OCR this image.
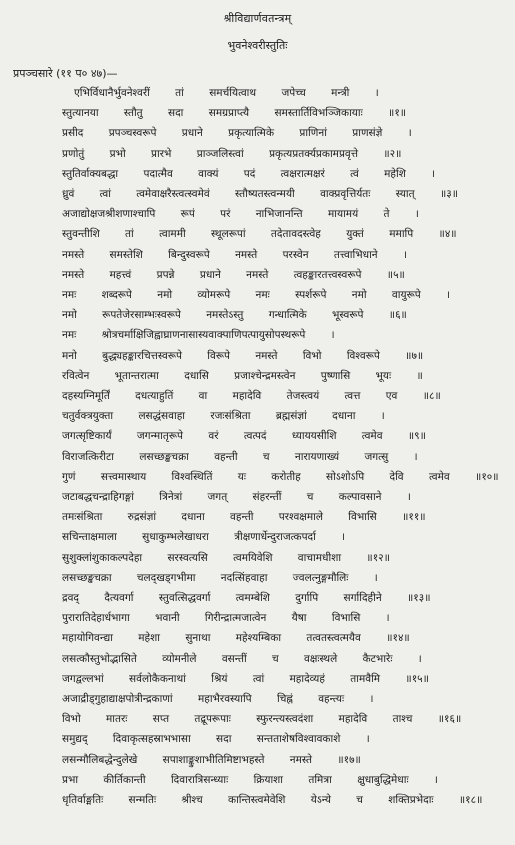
श्रीविद्यार्णवतन्त्रम्
भुवनेश्वरीस्तुतिः
प्रपञ्चसारे (११ प० ४७)—
एभिर्विधानैर्भुवनेश्वरीं तां समर्चयित्वाथ जपेच्च मन्त्री ।
स्तुत्यानया स्तौतु सदा समग्रप्राप्त्यै समस्तार्तिविभञ्जिकायाः ॥१॥
प्रसीद प्रपञ्चस्वरूपे प्रधाने प्रकृत्यात्मिके प्राणिनां प्राणसंज्ञे ।
प्रणोतुं प्रभो प्रारभे प्राञ्जलिस्त्वां प्रकृत्यप्रतर्क्यप्रकामप्रवृत्ते ॥२॥
स्तुतिर्वाक्यबद्धा पदात्मैव वाक्यं पदं त्वक्षरात्मक्षरं त्वं महेशि ।
ध्रुवं त्वां त्वमेवाक्षरैस्त्वत्स्वमेवं स्तौष्यतस्त्वन्मयी वाक्प्रवृत्तिर्यतः स्यात् ॥३॥
अजाद्योक्षजश्रीशणाश्चापि रूपं परं नाभिजानन्ति मायामयं ते ।
स्तुवन्तीशि तां त्वाममी स्थूलरूपां तदेतावदस्त्वेह युक्तं ममापि ॥४॥
नमस्ते समस्तेशि बिन्दुस्वरूपे नमस्ते परस्वेन तत्त्वाभिधाने ।
नमस्ते महत्त्वं प्रपन्ने प्रधाने नमस्ते त्वहङ्कारतत्त्वस्वरूपे ॥५॥
नमः शब्दरूपे नमो व्योमरूपे नमः स्पर्शरूपे नमो वायुरूपे ।
नमो रूपतेजेरसाम्भःस्वरूपे नमस्तेऽस्तु गन्धात्मिके भूस्वरूपे ॥६॥
नमः श्रोत्रचर्माक्षिजिह्वाघ्राणनासास्यवाक्पाणिपत्पायुसोपस्थरूपे ।
मनो बुद्ध्यहङ्कारचित्तस्वरूपे विरूपे नमस्ते विभो विश्वरूपे ॥७॥
रवित्वेन भूतान्तरात्मा दधासि प्रजाश्चेन्द्रमस्त्वेन पुष्णासि भूयः ॥
दहस्यग्निमूर्तिं दधत्याहुतिं वा महादेवि तेजस्त्वयं त्वत्त एव ॥८॥
चतुर्वक्त्रयुक्ता लसद्धंसवाहा रजःसंश्रिता ब्रह्मसंज्ञां दधाना ।
जगत्सृष्टिकार्यं जगन्मातृरूपे वरं त्वत्पदं ध्याययसीशि त्वमेव ॥९॥
विराजत्किरीटा लसच्छङ्खचक्रा वहन्ती च नारायणाख्यं जगत्सु ।
गुणं सत्त्वमास्थाय विश्वस्थितिं यः करोतीह सोऽशोऽपि देवि त्वमेव ॥१०॥
जटाबद्धचन्द्राहिगङ्गां त्रिनेत्रां जगत् संहरन्तीं च कल्पावसाने ।
तमःसंश्रिता रुद्रसंज्ञां दधाना वहन्ती परश्वक्षमाले विभासि ॥११॥
सचिन्ताक्षमाला सुधाकुम्भलेखाधरा त्रीक्षणार्धेन्दुराजत्कपर्दा ।
सुशुक्लांशुकाकल्पदेहा सरस्वत्यसि त्वमयिवेशि वाचामधीशा ॥१२॥
लसच्छङ्खचक्रा चलद्खड्गभीमा नदत्सिंहवाहा ज्वलत्नुङ्गमौलिः ।
द्रवद् दैत्यवर्गा स्तुवत्सिद्धवर्गा त्वमम्बेशि दुर्गापि सर्गादिहीने ॥१३॥
पुरारातिदेहार्धभागा भवानी गिरीन्द्रात्मजात्वेन यैषा विभासि ।
महायोगिवन्द्या महेशा सुनाथा महेश्यम्बिका तत्वतस्त्वत्मयैव ॥१४॥
लसत्कौस्तुभोद्भासिते व्योमनीले वसन्तीं च वक्षःस्थले कैटभारेः ।
जगद्वल्लभां सर्वलोकैकनाथां श्रियं त्वां महादेव्यहं तामवैमि ॥१५॥
अजाद्रीड्गुहाद्याक्षपोत्रीन्द्रकाणां महाभैरवस्यापि चिह्नं वहन्त्यः ।
विभो मातरः सप्त तद्रूपरूपाः स्फुरन्त्यस्त्वदंशा महादेवि ताश्च ॥१६॥
समुद्यद् दिवाकृत्सहस्राभभासा सदा सन्तताशेषविश्वावकाशे ।
लसन्मौलिबद्धेन्दुलेखे सपाशाङ्कुशाभीतिमिष्टाभहस्ते नमस्ते ॥१७॥
प्रभा कीर्तिकान्ती दिवारात्रिसन्ध्याः क्रियाशा तमित्रा क्षुधाबुद्धिमेधाः ।
धृतिर्वाङ्मतिः सन्मतिः श्रीश्च कान्तिस्त्वमेवेशि येऽन्ये च शक्तिप्रभेदाः ॥१८॥
